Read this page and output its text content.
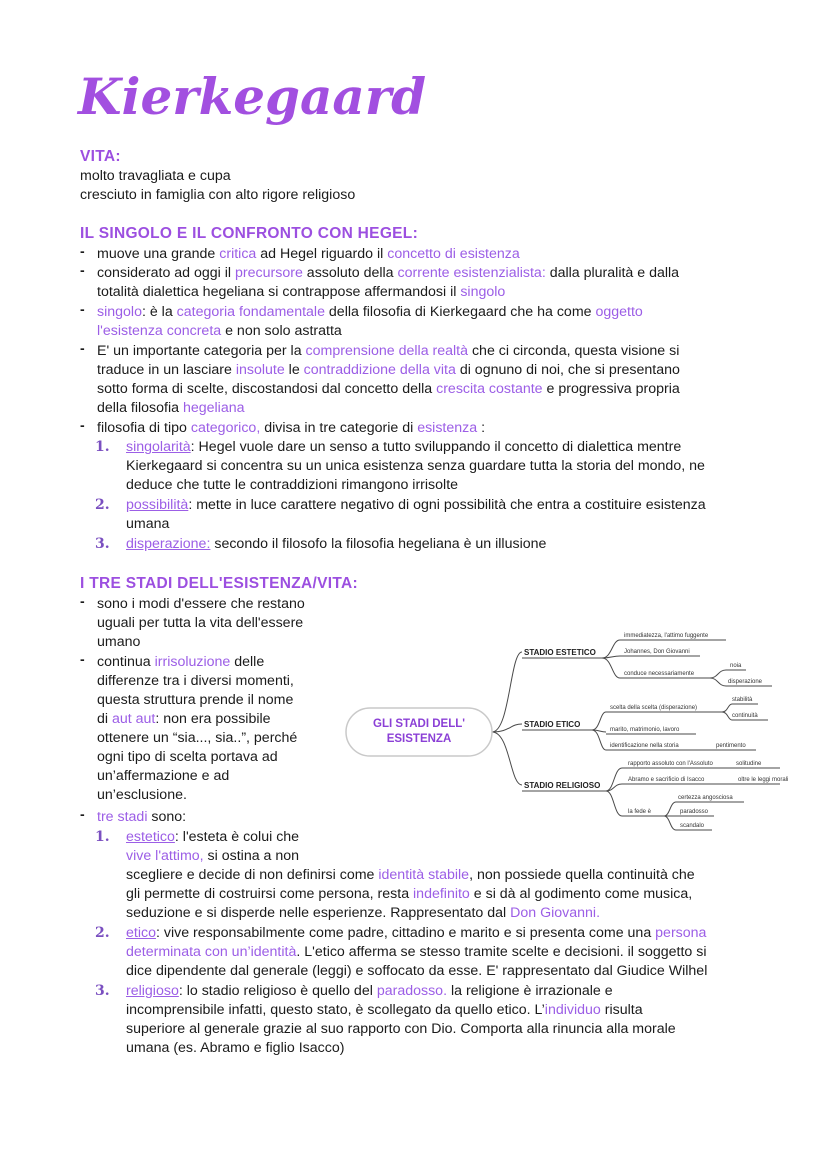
Kierkegaard
VITA:
molto travagliata e cupa
cresciuto in famiglia con alto rigore religioso
IL SINGOLO E IL CONFRONTO CON HEGEL:
- muove una grande critica ad Hegel riguardo il concetto di esistenza
- considerato ad oggi il precursore assoluto della corrente esistenzialista: dalla pluralità e dalla
totalità dialettica hegeliana si contrappose affermandosi il singolo
- singolo: è la categoria fondamentale della filosofia di Kierkegaard che ha come oggetto
l'esistenza concreta e non solo astratta
- E' un importante categoria per la comprensione della realtà che ci circonda, questa visione si
traduce in un lasciare insolute le contraddizione della vita di ognuno di noi, che si presentano
sotto forma di scelte, discostandosi dal concetto della crescita costante e progressiva propria
della filosofia hegeliana
- filosofia di tipo categorico, divisa in tre categorie di esistenza :
1. singolarità: Hegel vuole dare un senso a tutto sviluppando il concetto di dialettica mentre
Kierkegaard si concentra su un unica esistenza senza guardare tutta la storia del mondo, ne
deduce che tutte le contraddizioni rimangono irrisolte
2. possibilità: mette in luce carattere negativo di ogni possibilità che entra a costituire esistenza
umana
3. disperazione: secondo il filosofo la filosofia hegeliana è un illusione
I TRE STADI DELL'ESISTENZA/VITA:
- sono i modi d'essere che restano
uguali per tutta la vita dell'essere
umano
- continua irrisoluzione delle
differenze tra i diversi momenti,
questa struttura prende il nome
di aut aut: non era possibile
ottenere un “sia..., sia..”, perché
ogni tipo di scelta portava ad
un’affermazione e ad
un’esclusione.
- tre stadi sono:
1. estetico: l'esteta è colui che
vive l'attimo, si ostina a non
scegliere e decide di non definirsi come identità stabile, non possiede quella continuità che
gli permette di costruirsi come persona, resta indefinito e si dà al godimento come musica,
seduzione e si disperde nelle esperienze. Rappresentato dal Don Giovanni.
2. etico: vive responsabilmente come padre, cittadino e marito e si presenta come una persona
determinata con un’identità. L'etico afferma se stesso tramite scelte e decisioni. il soggetto si
dice dipendente dal generale (leggi) e soffocato da esse. E' rappresentato dal Giudice Wilhel
3. religioso: lo stadio religioso è quello del paradosso. la religione è irrazionale e
incomprensibile infatti, questo stato, è scollegato da quello etico. L’individuo risulta
superiore al generale grazie al suo rapporto con Dio. Comporta alla rinuncia alla morale
umana (es. Abramo e figlio Isacco)
GLI STADI DELL'
ESISTENZA
STADIO ESTETICO
STADIO ETICO
STADIO RELIGIOSO
immediatezza, l'attimo fuggente
Johannes, Don Giovanni
conduce necessariamente
noia
disperazione
scelta della scelta (disperazione)
stabilità
continuità
marito, matrimonio, lavoro
identificazione nella storia	pentimento
rapporto assoluto con l'Assoluto	solitudine
Abramo e sacrificio di Isacco	oltre le leggi morali
la fede è
certezza angosciosa
paradosso
scandalo
